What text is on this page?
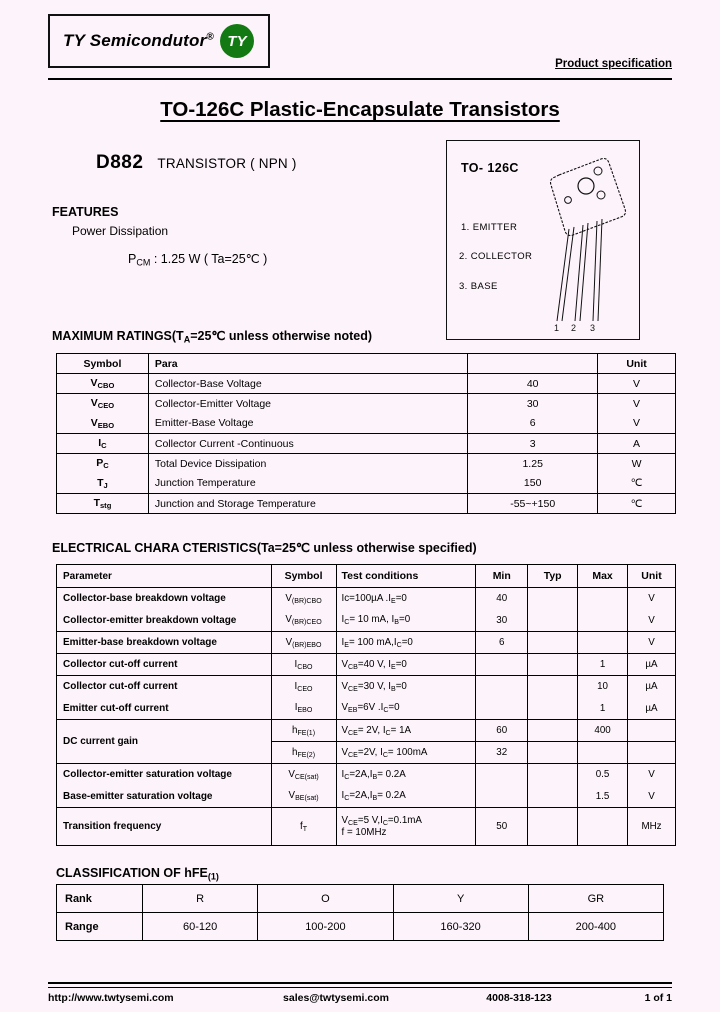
TY Semicondutor® TY
Product specification
TO-126C Plastic-Encapsulate Transistors
D882 TRANSISTOR ( NPN )
FEATURES
Power Dissipation
$P_{CM}$ : 1.25 W ( Ta=25℃ )
TO- 126C
1. EMITTER
2. COLLECTOR
3. BASE
1 2 3
MAXIMUM $RATINGS(T_A=25℃$ unless otherwise noted)
Symbol	Para		Unit
$V_{CBO}$	Collector-Base Voltage	40	V
$V_{CEO}$	Collector-Emitter Voltage	30	V
$V_{EBO}$	Emitter-Base Voltage	6	V
$I_C$	Collector Current -Continuous	3	A
$P_C$	Total Device Dissipation	1.25	W
$T_J$	Junction Temperature	150	℃
$T_{stg}$	Junction and Storage Temperature	-55~+150	℃
ELECTRICAL CHARA CTERISTICS(Ta=25℃ unless otherwise specified)
Parameter	Symbol	Test conditions	Min	Typ	Max	Unit
Collector-base breakdown voltage	$V_{(BR)CBO}$	Ic=100µA $.I_E=0$	40			V
Collector-emitter breakdown voltage	$V_{(BR)CEO}$	$I_C= 10$ mA, $I_B=0$	30			V
Emitter-base breakdown voltage	$V_{(BR)EBO}$	$I_E= 100$ $mA,I_C=0$	6			V
Collector cut-off current	$I_{CBO}$	$V_{CB}=40$ V, $I_E=0$			1	µA
Collector cut-off current	$I_{CEO}$	$V_{CE}=30$ V, $I_B=0$			10	µA
Emitter cut-off current	$I_{EBO}$	$V_{EB}=6V$ $.I_C=0$			1	µA
DC current gain	$h_{FE(1)}$	$V_{CE}= 2V$, $I_C= 1A$	60		400	
	$h_{FE(2)}$	$V_{CE}=2V$, $I_C= 100mA$	32			
Collector-emitter saturation voltage	$V_{CE(sat)}$	$I_C=2A,I_B= 0.2A$			0.5	V
Base-emitter saturation voltage	$V_{BE(sat)}$	$I_C=2A,I_B= 0.2A$			1.5	V
Transition frequency	$f_T$	$V_{CE}=5$ $V,I_C=0.1mA$
f = 10MHz	50			MHz
CLASSIFICATION OF hFE$_{(1)}$
Rank	R	O	Y	GR
Range	60-120	100-200	160-320	200-400
http://www.twtysemi.com	sales@twtysemi.com	4008-318-123	1 of 1
